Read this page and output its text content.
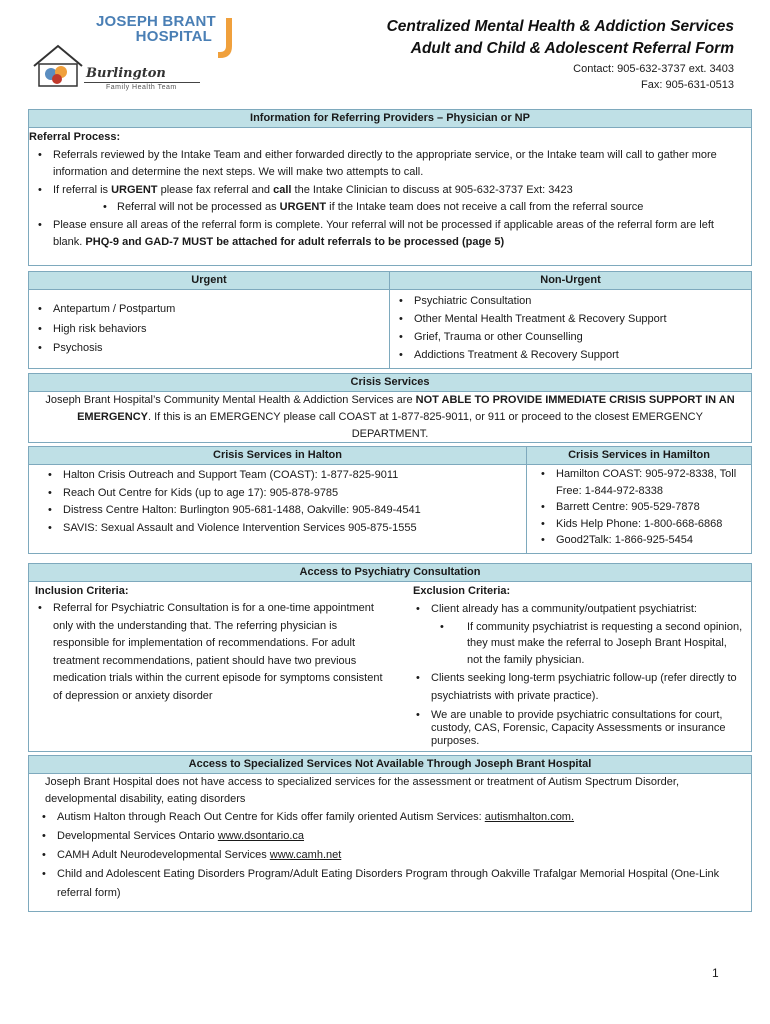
JOSEPH BRANT
HOSPITAL
Burlington
Family Health Team
Centralized Mental Health & Addiction Services
Adult and Child & Adolescent Referral Form
Contact: 905-632-3737 ext. 3403
Fax: 905-631-0513
Information for Referring Providers – Physician or NP
Referral Process:
• Referrals reviewed by the Intake Team and either forwarded directly to the appropriate service, or the Intake team will call to gather more information and determine the next steps. We will make two attempts to call.
• If referral is URGENT please fax referral and call the Intake Clinician to discuss at 905-632-3737 Ext: 3423
• Referral will not be processed as URGENT if the Intake team does not receive a call from the referral source
• Please ensure all areas of the referral form is complete. Your referral will not be processed if applicable areas of the referral form are left blank. PHQ-9 and GAD-7 MUST be attached for adult referrals to be processed (page 5)
Urgent
• Antepartum / Postpartum
• High risk behaviors
• Psychosis
Non-Urgent
• Psychiatric Consultation
• Other Mental Health Treatment & Recovery Support
• Grief, Trauma or other Counselling
• Addictions Treatment & Recovery Support
Crisis Services
Joseph Brant Hospital’s Community Mental Health & Addiction Services are NOT ABLE TO PROVIDE IMMEDIATE CRISIS SUPPORT IN AN EMERGENCY. If this is an EMERGENCY please call COAST at 1-877-825-9011, or 911 or proceed to the closest EMERGENCY DEPARTMENT.
Crisis Services in Halton
• Halton Crisis Outreach and Support Team (COAST): 1-877-825-9011
• Reach Out Centre for Kids (up to age 17): 905-878-9785
• Distress Centre Halton: Burlington 905-681-1488, Oakville: 905-849-4541
• SAVIS: Sexual Assault and Violence Intervention Services 905-875-1555
Crisis Services in Hamilton
• Hamilton COAST: 905-972-8338, Toll Free: 1-844-972-8338
• Barrett Centre: 905-529-7878
• Kids Help Phone: 1-800-668-6868
• Good2Talk: 1-866-925-5454
Access to Psychiatry Consultation
Inclusion Criteria:
• Referral for Psychiatric Consultation is for a one-time appointment only with the understanding that. The referring physician is responsible for implementation of recommendations. For adult treatment recommendations, patient should have two previous medication trials within the current episode for symptoms consistent of depression or anxiety disorder
Exclusion Criteria:
• Client already has a community/outpatient psychiatrist:
• If community psychiatrist is requesting a second opinion, they must make the referral to Joseph Brant Hospital, not the family physician.
• Clients seeking long-term psychiatric follow-up (refer directly to psychiatrists with private practice).
• We are unable to provide psychiatric consultations for court, custody, CAS, Forensic, Capacity Assessments or insurance purposes.
Access to Specialized Services Not Available Through Joseph Brant Hospital
Joseph Brant Hospital does not have access to specialized services for the assessment or treatment of Autism Spectrum Disorder, developmental disability, eating disorders
• Autism Halton through Reach Out Centre for Kids offer family oriented Autism Services: autismhalton.com.
• Developmental Services Ontario www.dsontario.ca
• CAMH Adult Neurodevelopmental Services www.camh.net
• Child and Adolescent Eating Disorders Program/Adult Eating Disorders Program through Oakville Trafalgar Memorial Hospital (One-Link referral form)
1
